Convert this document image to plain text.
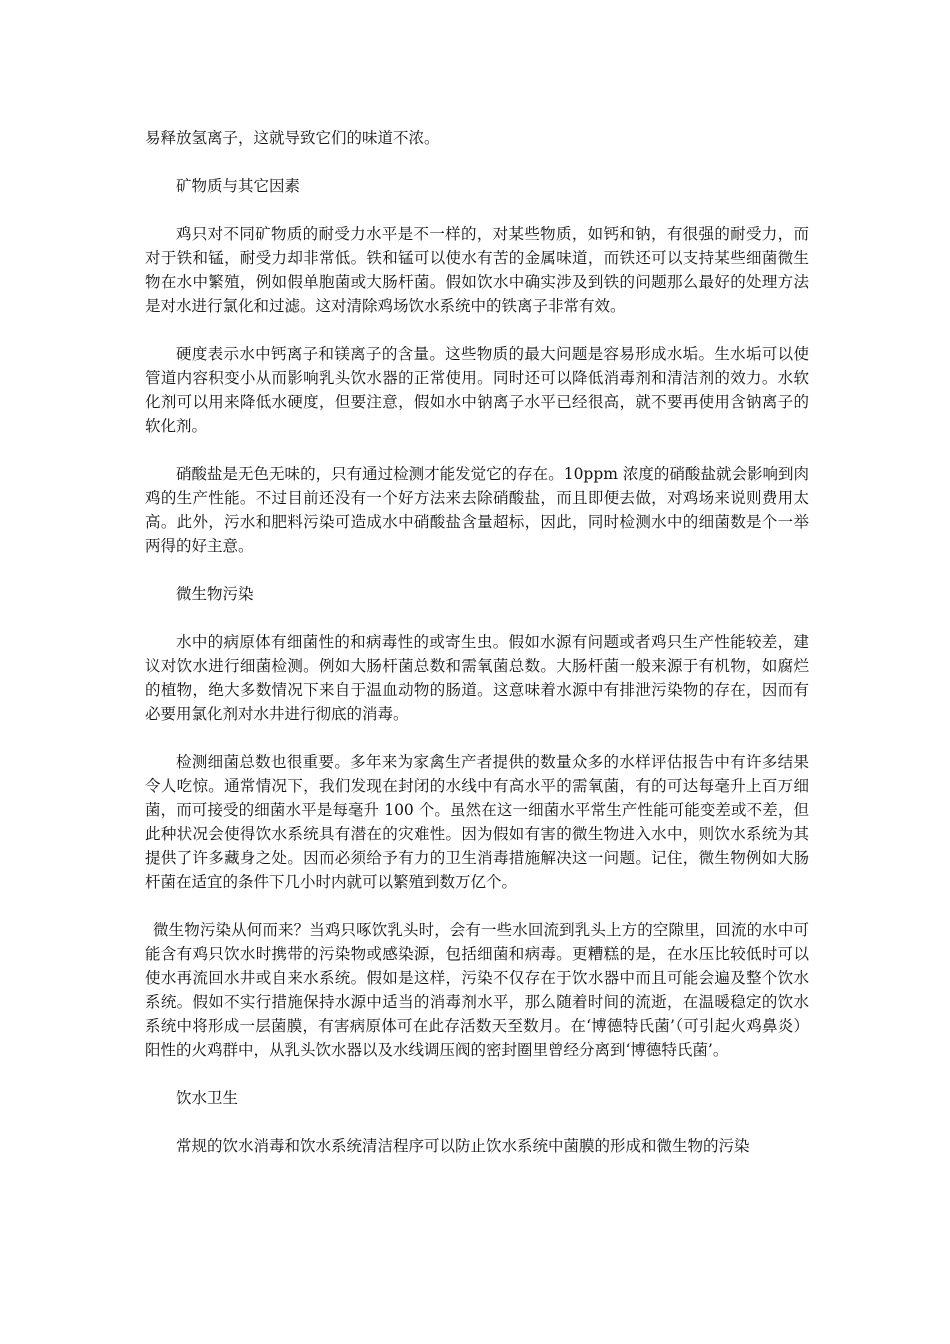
易释放氢离子，这就导致它们的味道不浓。

矿物质与其它因素

鸡只对不同矿物质的耐受力水平是不一样的，对某些物质，如钙和钠，有很强的耐受力，而对于铁和锰，耐受力却非常低。铁和锰可以使水有苦的金属味道，而铁还可以支持某些细菌微生物在水中繁殖，例如假单胞菌或大肠杆菌。假如饮水中确实涉及到铁的问题那么最好的处理方法是对水进行氯化和过滤。这对清除鸡场饮水系统中的铁离子非常有效。

硬度表示水中钙离子和镁离子的含量。这些物质的最大问题是容易形成水垢。生水垢可以使管道内容积变小从而影响乳头饮水器的正常使用。同时还可以降低消毒剂和清洁剂的效力。水软化剂可以用来降低水硬度，但要注意，假如水中钠离子水平已经很高，就不要再使用含钠离子的软化剂。

硝酸盐是无色无味的，只有通过检测才能发觉它的存在。10ppm 浓度的硝酸盐就会影响到肉鸡的生产性能。不过目前还没有一个好方法来去除硝酸盐，而且即便去做，对鸡场来说则费用太高。此外，污水和肥料污染可造成水中硝酸盐含量超标，因此，同时检测水中的细菌数是个一举两得的好主意。

微生物污染

水中的病原体有细菌性的和病毒性的或寄生虫。假如水源有问题或者鸡只生产性能较差，建议对饮水进行细菌检测。例如大肠杆菌总数和需氧菌总数。大肠杆菌一般来源于有机物，如腐烂的植物，绝大多数情况下来自于温血动物的肠道。这意味着水源中有排泄污染物的存在，因而有必要用氯化剂对水井进行彻底的消毒。

检测细菌总数也很重要。多年来为家禽生产者提供的数量众多的水样评估报告中有许多结果令人吃惊。通常情况下，我们发现在封闭的水线中有高水平的需氧菌，有的可达每毫升上百万细菌，而可接受的细菌水平是每毫升 100 个。虽然在这一细菌水平常生产性能可能变差或不差，但此种状况会使得饮水系统具有潜在的灾难性。因为假如有害的微生物进入水中，则饮水系统为其提供了许多藏身之处。因而必须给予有力的卫生消毒措施解决这一问题。记住，微生物例如大肠杆菌在适宜的条件下几小时内就可以繁殖到数万亿个。

微生物污染从何而来？当鸡只啄饮乳头时，会有一些水回流到乳头上方的空隙里，回流的水中可能含有鸡只饮水时携带的污染物或感染源，包括细菌和病毒。更糟糕的是，在水压比较低时可以使水再流回水井或自来水系统。假如是这样，污染不仅存在于饮水器中而且可能会遍及整个饮水系统。假如不实行措施保持水源中适当的消毒剂水平，那么随着时间的流逝，在温暖稳定的饮水系统中将形成一层菌膜，有害病原体可在此存活数天至数月。在‘博德特氏菌’（可引起火鸡鼻炎）阳性的火鸡群中，从乳头饮水器以及水线调压阀的密封圈里曾经分离到‘博德特氏菌’。

饮水卫生

常规的饮水消毒和饮水系统清洁程序可以防止饮水系统中菌膜的形成和微生物的污染
